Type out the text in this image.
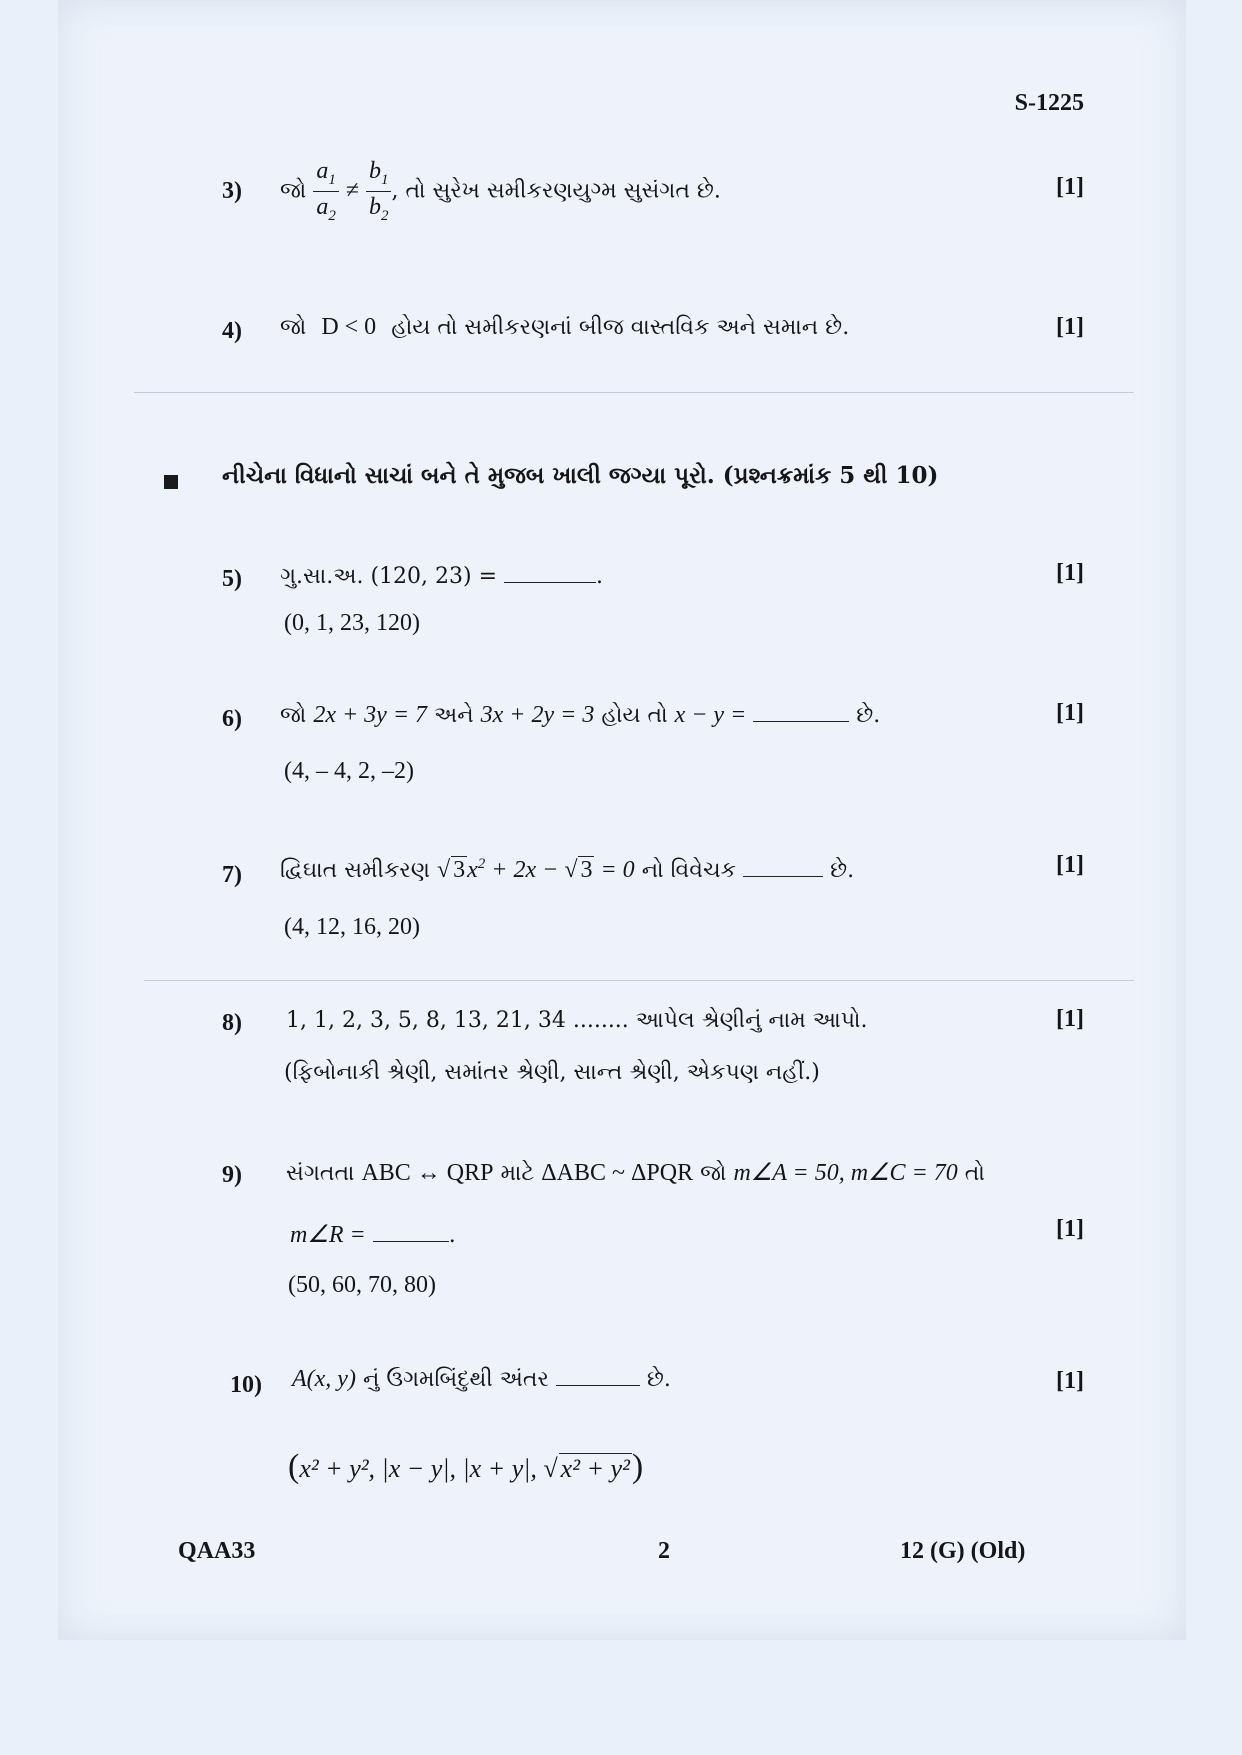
S-1225
3) જો $\frac{a_1}{a_2} \ne \frac{b_1}{b_2}$ , તો સુરેખ સમીકરણયુગ્મ સુસંગત છે.	[1]
4) જો D < 0 હોય તો સમીકરણનાં બીજ વાસ્તવિક અને સમાન છે.	[1]
નીચેના વિધાનો સાચાં બને તે મુજબ ખાલી જગ્યા પૂરો. (પ્રશ્નક્રમાંક 5 થી 10)
5) ગુ.સા.અ. (120, 23) =	.
(0, 1, 23, 120)
[1]
6) જો 2x + 3y = 7 અને 3x + 2y = 3 હોય તો x − y =	છે.
(4, – 4, 2, –2)
[1]
7) દ્વિઘાત સમીકરણ √ $3x^2 + 2x$ − √ 3 = 0 નો વિવેચક	છે.
(4, 12, 16, 20)
[1]
8) 1, 1, 2, 3, 5, 8, 13, 21, 34 ........ આપેલ શ્રેણીનું નામ આપો.
(ફિબોનાકી શ્રેણી, સમાંતર શ્રેણી, સાન્ત શ્રેણી, એકપણ નહીં.)
[1]
9) સંગતતા ABC ↔ QRP માટે ΔABC ~ ΔPQR જો m∠A = 50, m∠C = 70 તો
m∠R =	.
(50, 60, 70, 80)
[1]
10) A(x, y) નું ઉગમબિંદુથી અંતર	છે.
(x² + y², |x − y|, |x + y|, √ x² + y²)
[1]
QAA33	2	12 (G) (Old)
